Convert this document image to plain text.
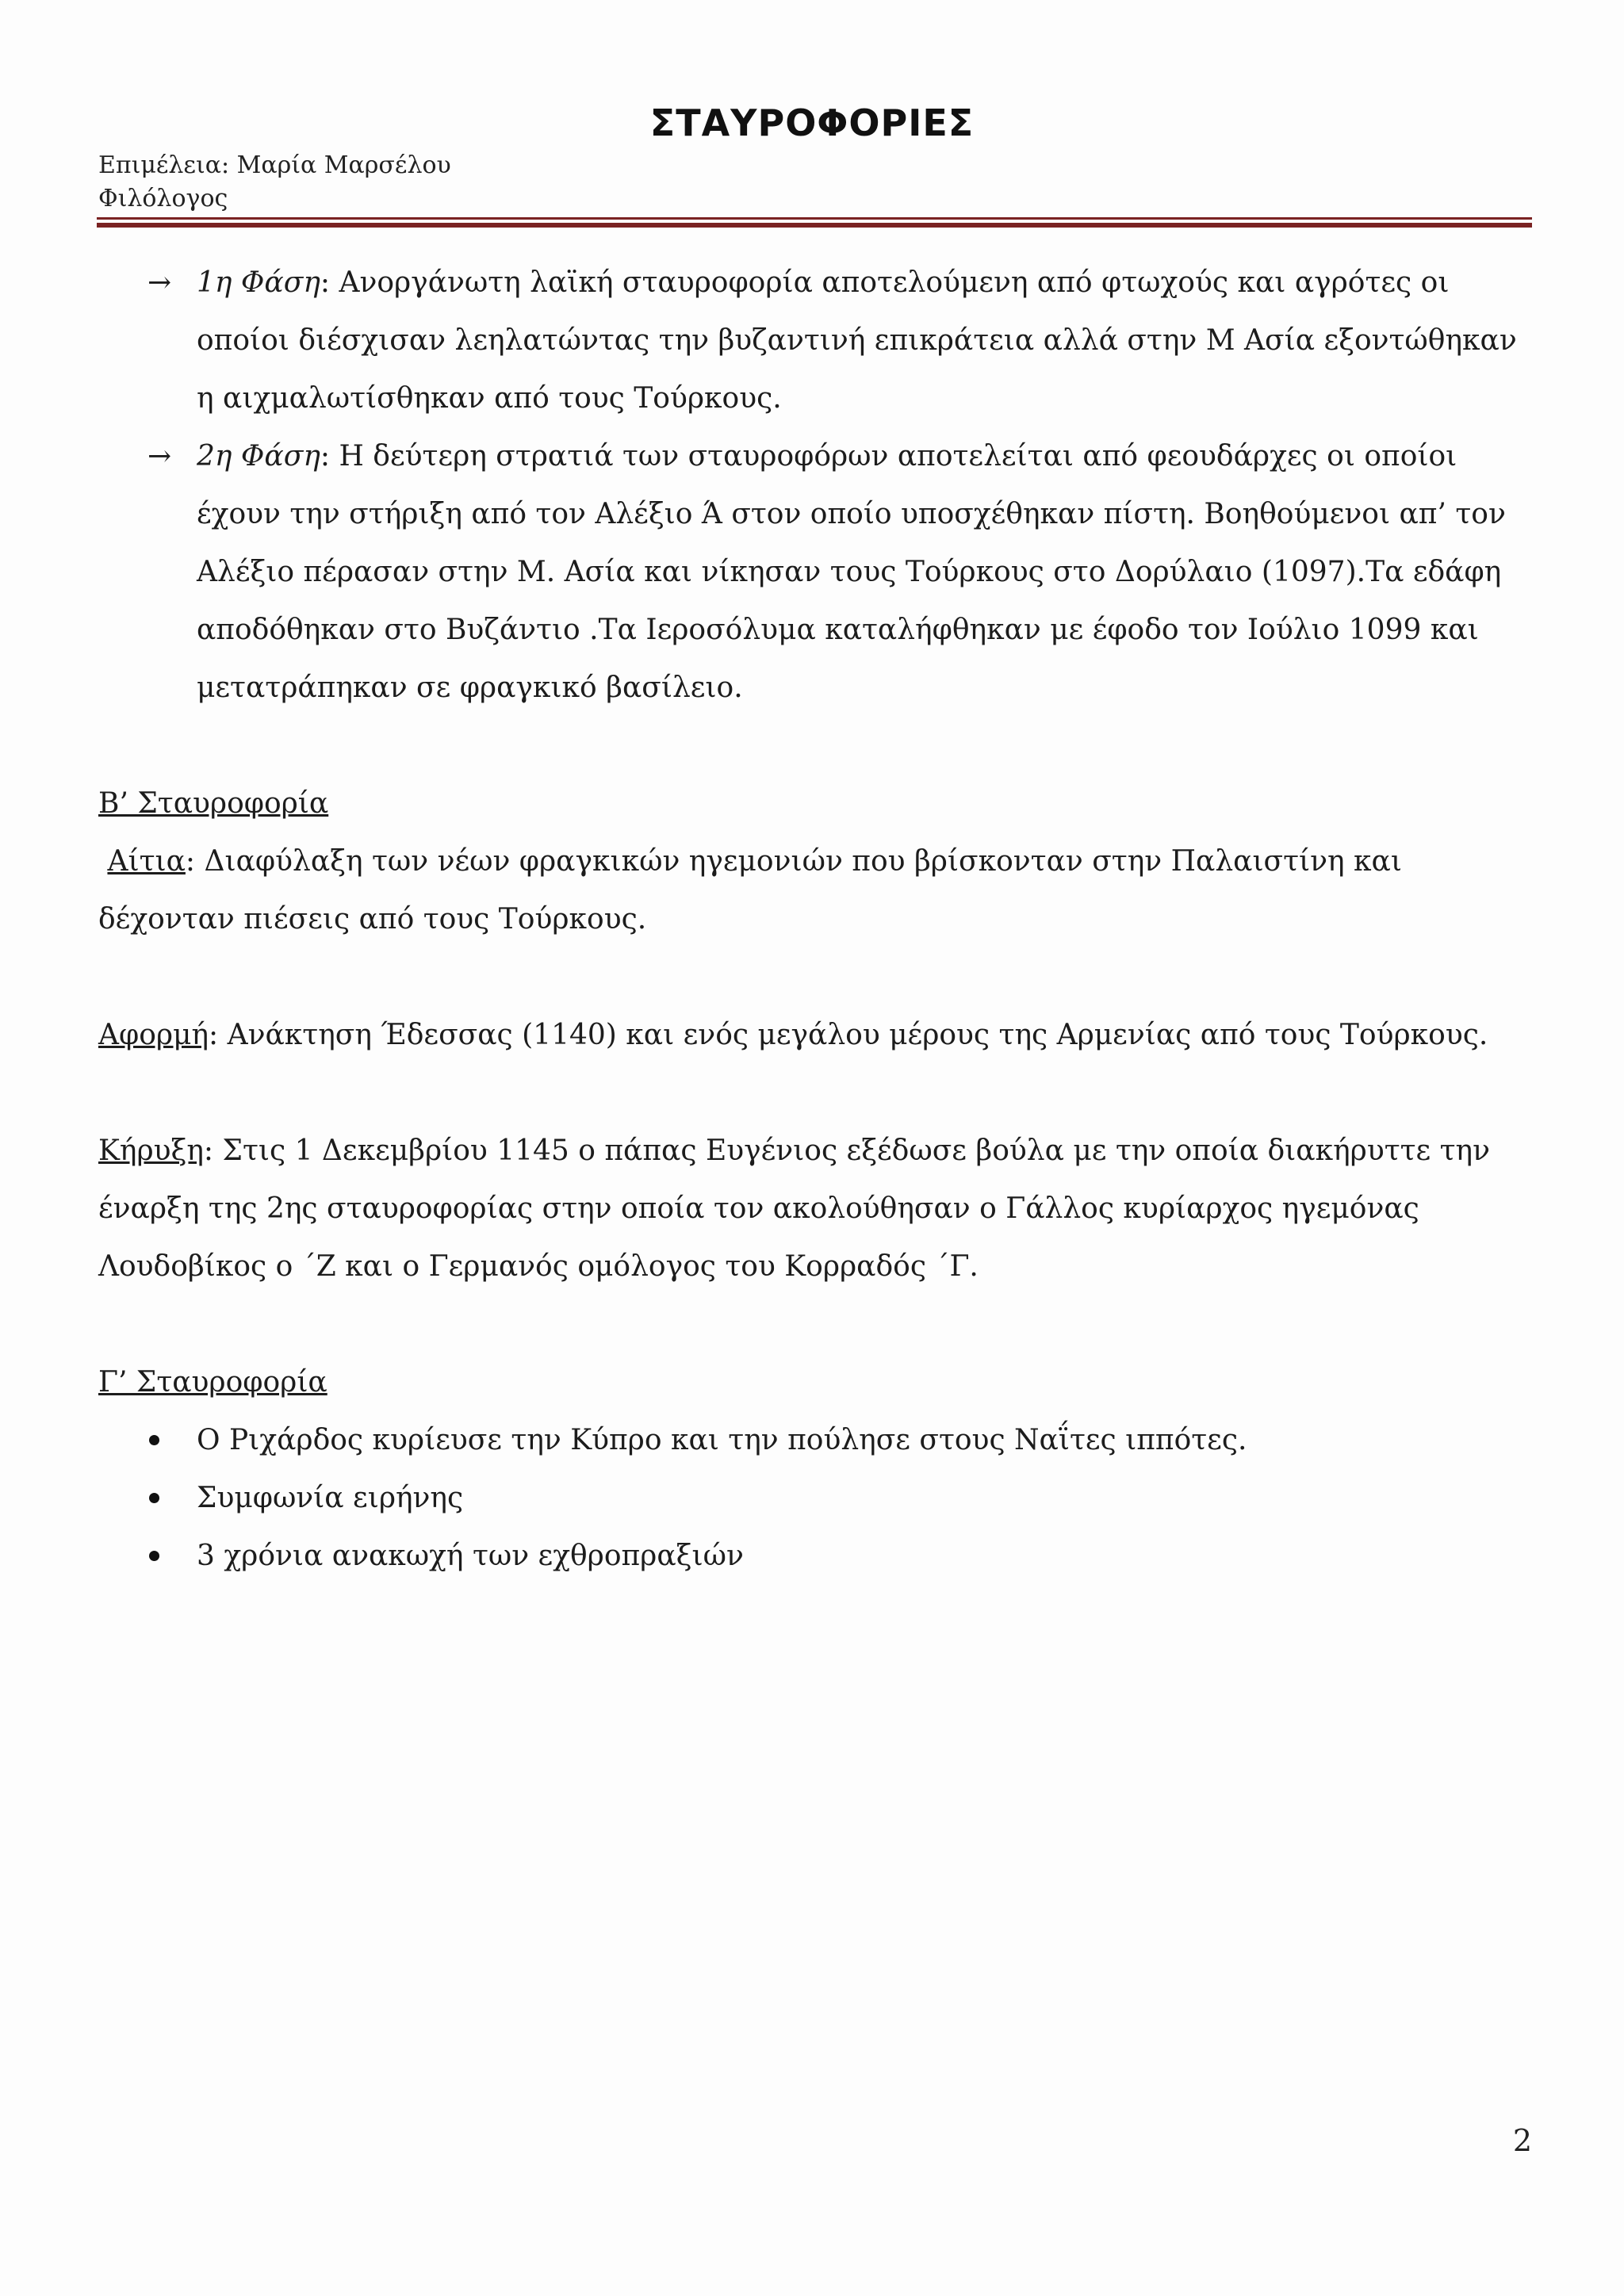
ΣΤΑΥΡΟΦΟΡΙΕΣ
Επιμέλεια: Μαρία Μαρσέλου
Φιλόλογος
→ 1η Φάση: Ανοργάνωτη λαϊκή σταυροφορία αποτελούμενη από φτωχούς και αγρότες οι οποίοι διέσχισαν λεηλατώντας την βυζαντινή επικράτεια αλλά στην Μ Ασία εξοντώθηκαν η αιχμαλωτίσθηκαν από τους Τούρκους.
→ 2η Φάση: Η δεύτερη στρατιά των σταυροφόρων αποτελείται από φεουδάρχες οι οποίοι έχουν την στήριξη από τον Αλέξιο Ά στον οποίο υποσχέθηκαν πίστη. Βοηθούμενοι απ’ τον Αλέξιο πέρασαν στην Μ. Ασία και νίκησαν τους Τούρκους στο Δορύλαιο (1097).Τα εδάφη αποδόθηκαν στο Βυζάντιο .Τα Ιεροσόλυμα καταλήφθηκαν με έφοδο τον Ιούλιο 1099 και μετατράπηκαν σε φραγκικό βασίλειο.
Β’ Σταυροφορία
Αίτια: Διαφύλαξη των νέων φραγκικών ηγεμονιών που βρίσκονταν στην Παλαιστίνη και δέχονταν πιέσεις από τους Τούρκους.
Αφορμή: Ανάκτηση Έδεσσας (1140) και ενός μεγάλου μέρους της Αρμενίας από τους Τούρκους.
Κήρυξη: Στις 1 Δεκεμβρίου 1145 ο πάπας Ευγένιος εξέδωσε βούλα με την οποία διακήρυττε την έναρξη της 2ης σταυροφορίας στην οποία τον ακολούθησαν ο Γάλλος κυρίαρχος ηγεμόνας Λουδοβίκος ο ΄Ζ και ο Γερμανός ομόλογος του Κορραδός ΄Γ.
Γ’ Σταυροφορία
Ο Ριχάρδος κυρίευσε την Κύπρο και την πούλησε στους Ναΐτες ιππότες.
Συμφωνία ειρήνης
3 χρόνια ανακωχή των εχθροπραξιών
2
